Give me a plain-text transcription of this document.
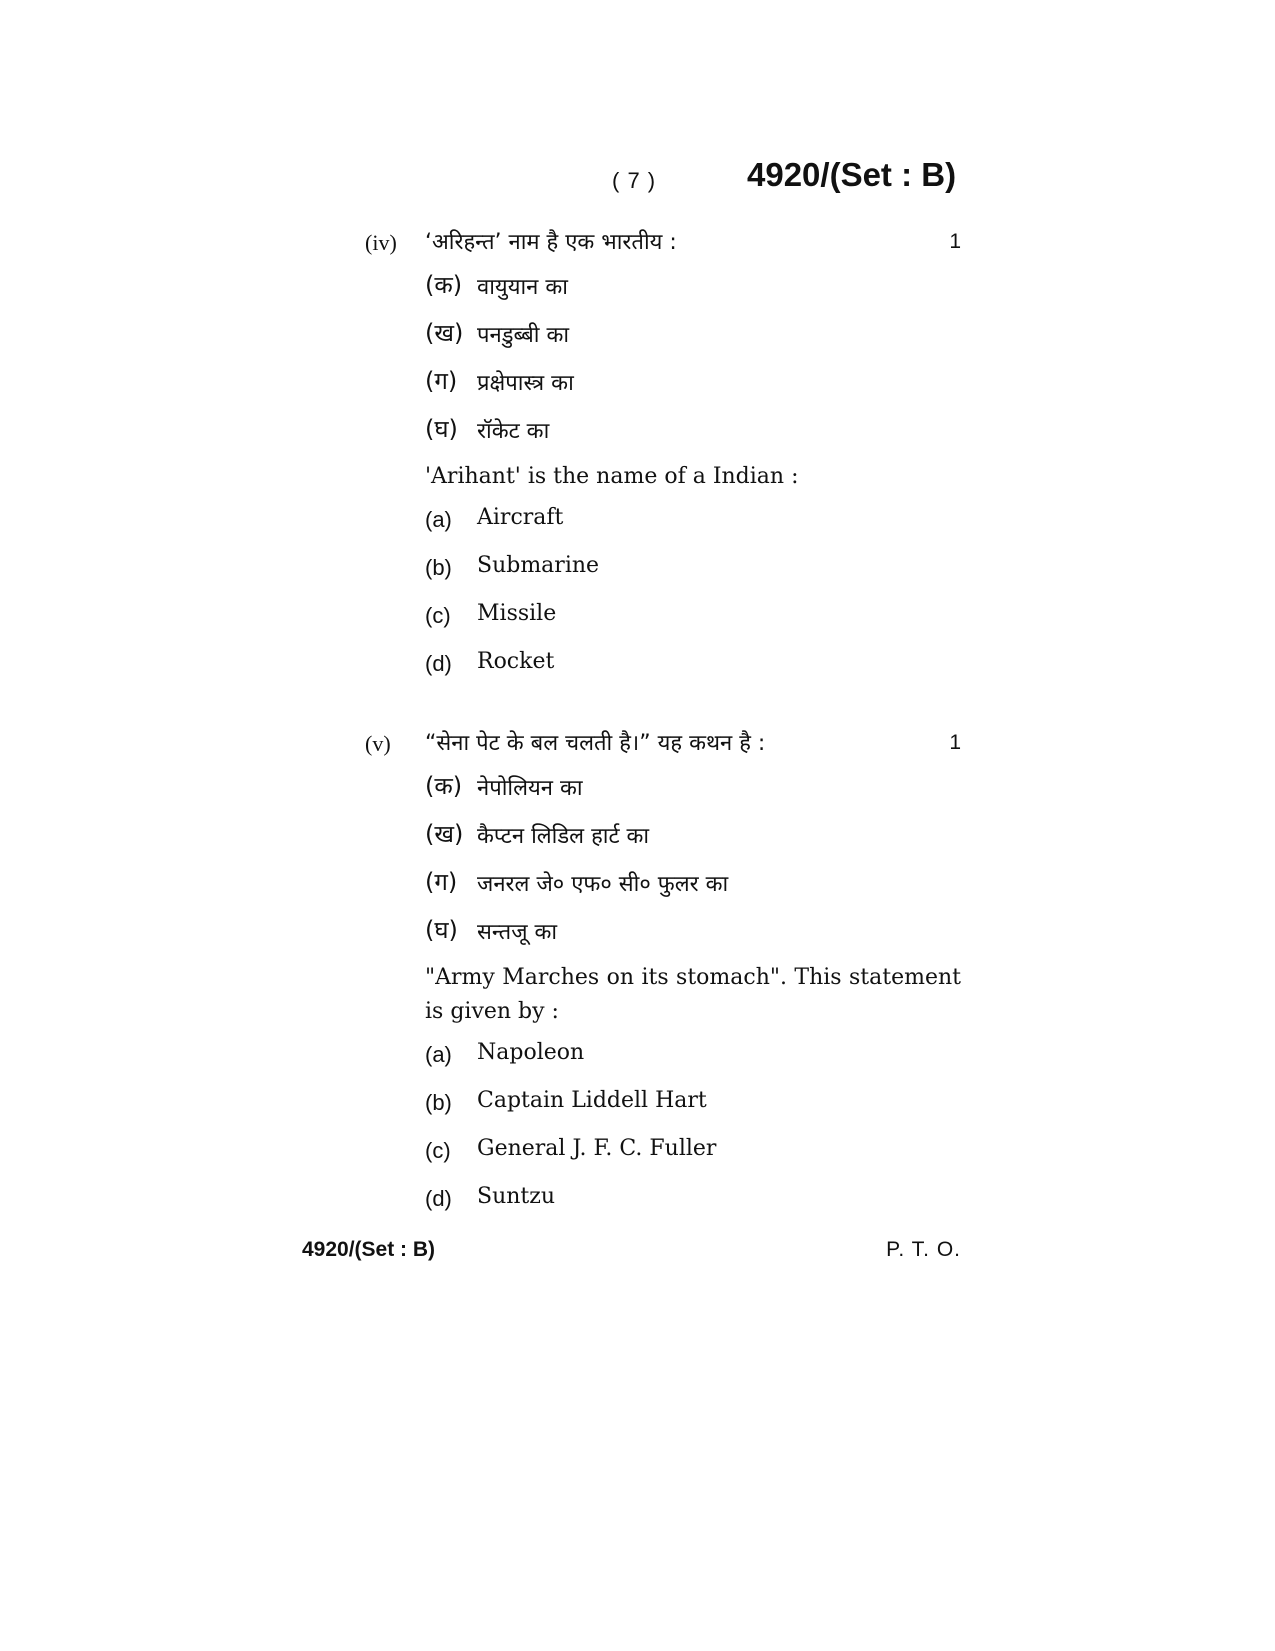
( 7 )	4920/(Set : B)
(iv) ‘अरिहन्त’ नाम है एक भारतीय :	1
(क) वायुयान का
(ख) पनडुब्बी का
(ग) प्रक्षेपास्त्र का
(घ) रॉकेट का
'Arihant' is the name of a Indian :
(a) Aircraft
(b) Submarine
(c) Missile
(d) Rocket
(v) “सेना पेट के बल चलती है।” यह कथन है :	1
(क) नेपोलियन का
(ख) कैप्टन लिडिल हार्ट का
(ग) जनरल जे० एफ० सी० फुलर का
(घ) सन्तजू का
"Army Marches on its stomach". This statement is given by :
(a) Napoleon
(b) Captain Liddell Hart
(c) General J. F. C. Fuller
(d) Suntzu
4920/(Set : B)	P. T. O.
